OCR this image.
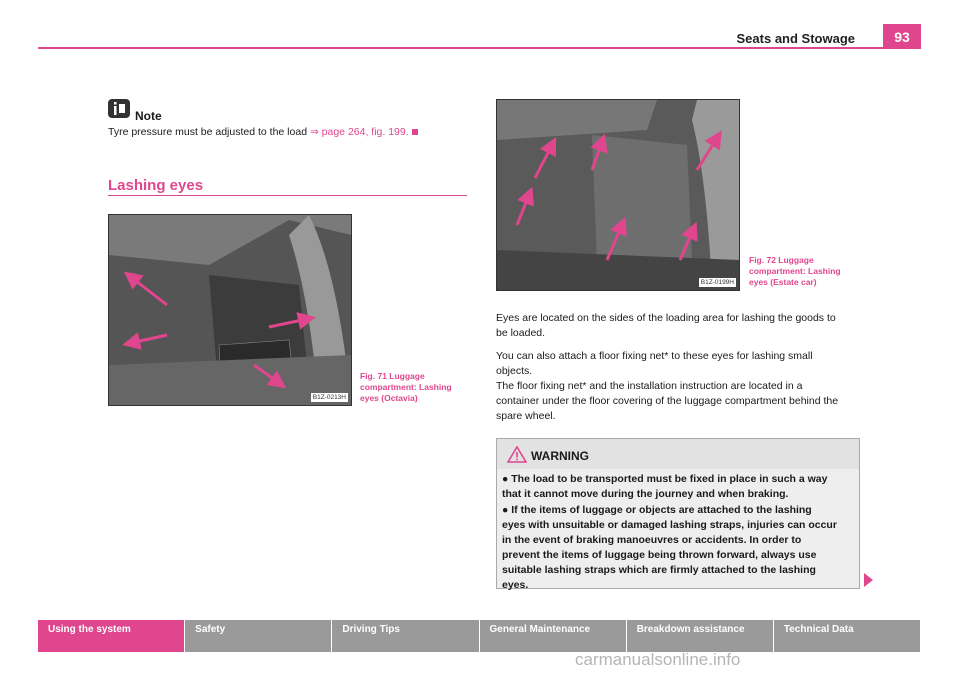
Seats and Stowage	93
Note
Tyre pressure must be adjusted to the load ⇒ page 264, fig. 199.
Lashing eyes
B1Z-0213H
Fig. 71 Luggage
compartment: Lashing
eyes (Octavia)
B1Z-0199H
Fig. 72 Luggage
compartment: Lashing
eyes (Estate car)
Eyes are located on the sides of the loading area for lashing the goods to
be loaded.
You can also attach a floor fixing net* to these eyes for lashing small
objects.
The floor fixing net* and the installation instruction are located in a
container under the floor covering of the luggage compartment behind the
spare wheel.
WARNING
● The load to be transported must be fixed in place in such a way
that it cannot move during the journey and when braking.
● If the items of luggage or objects are attached to the lashing
eyes with unsuitable or damaged lashing straps, injuries can occur
in the event of braking manoeuvres or accidents. In order to
prevent the items of luggage being thrown forward, always use
suitable lashing straps which are firmly attached to the lashing
eyes.
Using the system	Safety	Driving Tips	General Maintenance	Breakdown assistance	Technical Data
carmanualsonline.info
